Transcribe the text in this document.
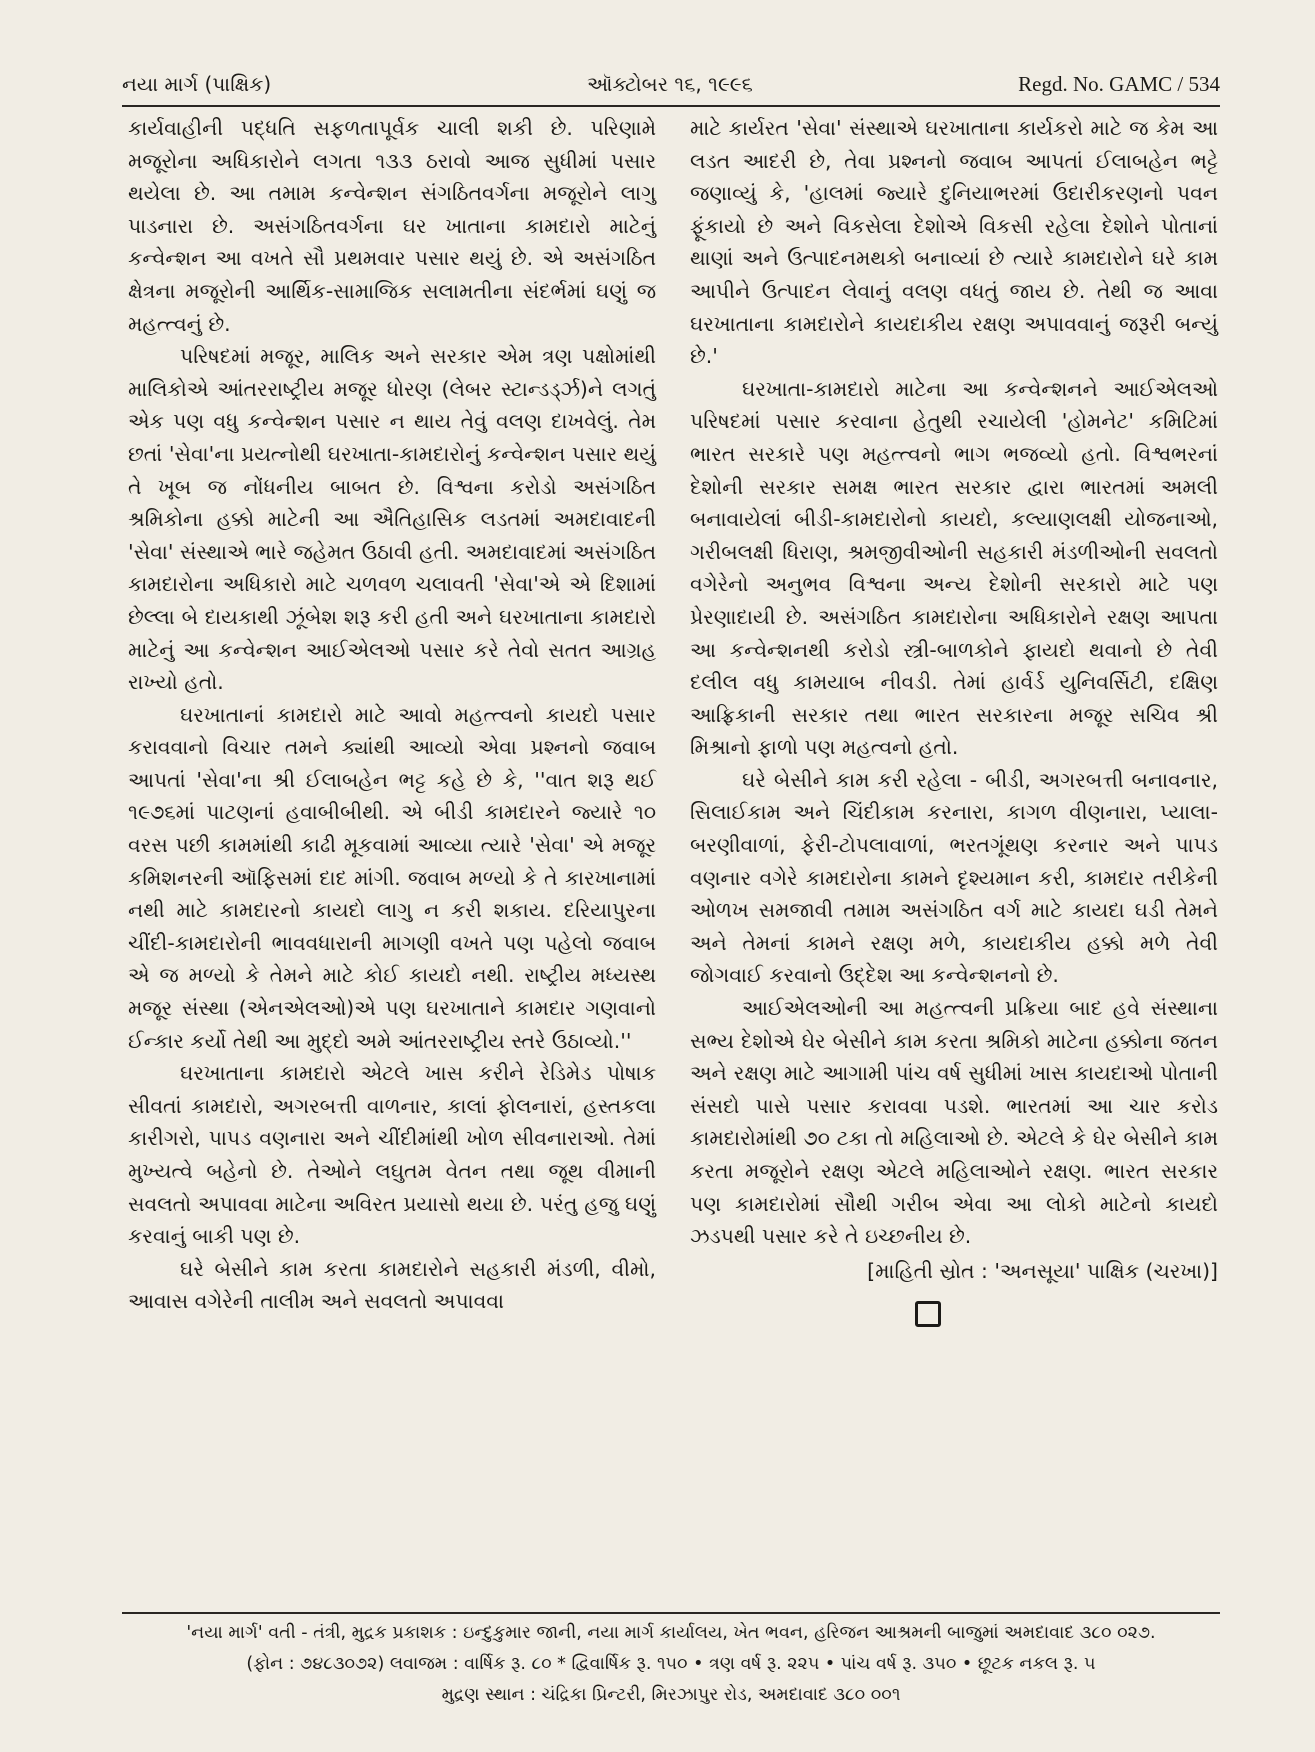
નયા માર્ગ (પાક્ષિક)	ઑક્ટોબર ૧૬, ૧૯૯૬	Regd. No. GAMC / 534

કાર્યવાહીની પદ્ધતિ સફળતાપૂર્વક ચાલી શકી છે. પરિણામે મજૂરોના અધિકારોને લગતા ૧૩૩ ઠરાવો આજ સુધીમાં પસાર થયેલા છે. આ તમામ કન્વેન્શન સંગઠિતવર્ગના મજૂરોને લાગુ પાડનારા છે. અસંગઠિતવર્ગના ઘર ખાતાના કામદારો માટેનું કન્વેન્શન આ વખતે સૌ પ્રથમવાર પસાર થયું છે. એ અસંગઠિત ક્ષેત્રના મજૂરોની આર્થિક-સામાજિક સલામતીના સંદર્ભમાં ઘણું જ મહત્ત્વનું છે.

પરિષદમાં મજૂર, માલિક અને સરકાર એમ ત્રણ પક્ષોમાંથી માલિકોએ આંતરરાષ્ટ્રીય મજૂર ધોરણ (લેબર સ્ટાન્ડર્ડ્ઝ)ને લગતું એક પણ વધુ કન્વેન્શન પસાર ન થાય તેવું વલણ દાખવેલું. તેમ છતાં 'સેવા'ના પ્રયત્નોથી ઘરખાતા-કામદારોનું કન્વેન્શન પસાર થયું તે ખૂબ જ નોંધનીય બાબત છે. વિશ્વના કરોડો અસંગઠિત શ્રમિકોના હક્કો માટેની આ ઐતિહાસિક લડતમાં અમદાવાદની 'સેવા' સંસ્થાએ ભારે જહેમત ઉઠાવી હતી. અમદાવાદમાં અસંગઠિત કામદારોના અધિકારો માટે ચળવળ ચલાવતી 'સેવા'એ એ દિશામાં છેલ્લા બે દાયકાથી ઝૂંબેશ શરૂ કરી હતી અને ઘરખાતાના કામદારો માટેનું આ કન્વેન્શન આઈએલઓ પસાર કરે તેવો સતત આગ્રહ રાખ્યો હતો.

ઘરખાતાનાં કામદારો માટે આવો મહત્ત્વનો કાયદો પસાર કરાવવાનો વિચાર તમને ક્યાંથી આવ્યો એવા પ્રશ્નનો જવાબ આપતાં 'સેવા'ના શ્રી ઈલાબહેન ભટ્ટ કહે છે કે, ''વાત શરૂ થઈ ૧૯૭૬માં પાટણનાં હવાબીબીથી. એ બીડી કામદારને જ્યારે ૧૦ વરસ પછી કામમાંથી કાઢી મૂકવામાં આવ્યા ત્યારે 'સેવા' એ મજૂર કમિશનરની ઑફિસમાં દાદ માંગી. જવાબ મળ્યો કે તે કારખાનામાં નથી માટે કામદારનો કાયદો લાગુ ન કરી શકાય. દરિયાપુરના ચીંદી-કામદારોની ભાવવધારાની માગણી વખતે પણ પહેલો જવાબ એ જ મળ્યો કે તેમને માટે કોઈ કાયદો નથી. રાષ્ટ્રીય મધ્યસ્થ મજૂર સંસ્થા (એનએલઓ)એ પણ ઘરખાતાને કામદાર ગણવાનો ઈન્કાર કર્યો તેથી આ મુદ્દો અમે આંતરરાષ્ટ્રીય સ્તરે ઉઠાવ્યો.''

ઘરખાતાના કામદારો એટલે ખાસ કરીને રેડિમેડ પોષાક સીવતાં કામદારો, અગરબત્તી વાળનાર, કાલાં ફોલનારાં, હસ્તકલા કારીગરો, પાપડ વણનારા અને ચીંદીમાંથી ખોળ સીવનારાઓ. તેમાં મુખ્યત્વે બહેનો છે. તેઓને લઘુતમ વેતન તથા જૂથ વીમાની સવલતો અપાવવા માટેના અવિરત પ્રયાસો થયા છે. પરંતુ હજુ ઘણું કરવાનું બાકી પણ છે.

ઘરે બેસીને કામ કરતા કામદારોને સહકારી મંડળી, વીમો, આવાસ વગેરેની તાલીમ અને સવલતો અપાવવા

માટે કાર્યરત 'સેવા' સંસ્થાએ ઘરખાતાના કાર્યકરો માટે જ કેમ આ લડત આદરી છે, તેવા પ્રશ્નનો જવાબ આપતાં ઈલાબહેન ભટ્ટે જણાવ્યું કે, 'હાલમાં જ્યારે દુનિયાભરમાં ઉદારીકરણનો પવન ફૂંકાયો છે અને વિકસેલા દેશોએ વિકસી રહેલા દેશોને પોતાનાં થાણાં અને ઉત્પાદનમથકો બનાવ્યાં છે ત્યારે કામદારોને ઘરે કામ આપીને ઉત્પાદન લેવાનું વલણ વધતું જાય છે. તેથી જ આવા ઘરખાતાના કામદારોને કાયદાકીય રક્ષણ અપાવવાનું જરૂરી બન્યું છે.'

ઘરખાતા-કામદારો માટેના આ કન્વેન્શનને આઈએલઓ પરિષદમાં પસાર કરવાના હેતુથી રચાયેલી 'હોમનેટ' કમિટિમાં ભારત સરકારે પણ મહત્ત્વનો ભાગ ભજવ્યો હતો. વિશ્વભરનાં દેશોની સરકાર સમક્ષ ભારત સરકાર દ્વારા ભારતમાં અમલી બનાવાયેલાં બીડી-કામદારોનો કાયદો, કલ્યાણલક્ષી યોજનાઓ, ગરીબલક્ષી ધિરાણ, શ્રમજીવીઓની સહકારી મંડળીઓની સવલતો વગેરેનો અનુભવ વિશ્વના અન્ય દેશોની સરકારો માટે પણ પ્રેરણાદાયી છે. અસંગઠિત કામદારોના અધિકારોને રક્ષણ આપતા આ કન્વેન્શનથી કરોડો સ્ત્રી-બાળકોને ફાયદો થવાનો છે તેવી દલીલ વધુ કામયાબ નીવડી. તેમાં હાર્વર્ડ યુનિવર્સિટી, દક્ષિણ આફ્રિકાની સરકાર તથા ભારત સરકારના મજૂર સચિવ શ્રી મિશ્રાનો ફાળો પણ મહત્વનો હતો.

ઘરે બેસીને કામ કરી રહેલા - બીડી, અગરબત્તી બનાવનાર, સિલાઈકામ અને ચિંદીકામ કરનારા, કાગળ વીણનારા, પ્યાલા-બરણીવાળાં, ફેરી-ટોપલાવાળાં, ભરતગૂંથણ કરનાર અને પાપડ વણનાર વગેરે કામદારોના કામને દૃશ્યમાન કરી, કામદાર તરીકેની ઓળખ સમજાવી તમામ અસંગઠિત વર્ગ માટે કાયદા ઘડી તેમને અને તેમનાં કામને રક્ષણ મળે, કાયદાકીય હક્કો મળે તેવી જોગવાઈ કરવાનો ઉદ્દેશ આ કન્વેન્શનનો છે.

આઈએલઓની આ મહત્ત્વની પ્રક્રિયા બાદ હવે સંસ્થાના સભ્ય દેશોએ ઘેર બેસીને કામ કરતા શ્રમિકો માટેના હક્કોના જતન અને રક્ષણ માટે આગામી પાંચ વર્ષ સુધીમાં ખાસ કાયદાઓ પોતાની સંસદો પાસે પસાર કરાવવા પડશે. ભારતમાં આ ચાર કરોડ કામદારોમાંથી ૭૦ ટકા તો મહિલાઓ છે. એટલે કે ઘેર બેસીને કામ કરતા મજૂરોને રક્ષણ એટલે મહિલાઓને રક્ષણ. ભારત સરકાર પણ કામદારોમાં સૌથી ગરીબ એવા આ લોકો માટેનો કાયદો ઝડપથી પસાર કરે તે ઇચ્છનીય છે.

[માહિતી સ્રોત : 'અનસૂયા' પાક્ષિક (ચરખા)]
'નયા માર્ગ' વતી - તંત્રી, મુદ્રક પ્રકાશક : ઇન્દુકુમાર જાની, નયા માર્ગ કાર્યાલય, ખેત ભવન, હરિજન આશ્રમની બાજુમાં અમદાવાદ ૩૮૦ ૦૨૭.
(ફોન : ૭૪૮૩૦૭૨) લવાજમ : વાર્ષિક રૂ. ૮૦ * દ્વિવાર્ષિક રૂ. ૧૫૦ • ત્રણ વર્ષ રૂ. ૨૨૫ • પાંચ વર્ષ રૂ. ૩૫૦ • છૂટક નકલ રૂ. ૫
મુદ્રણ સ્થાન : ચંદ્રિકા પ્રિન્ટરી, મિરઝાપુર રોડ, અમદાવાદ ૩૮૦ ૦૦૧
